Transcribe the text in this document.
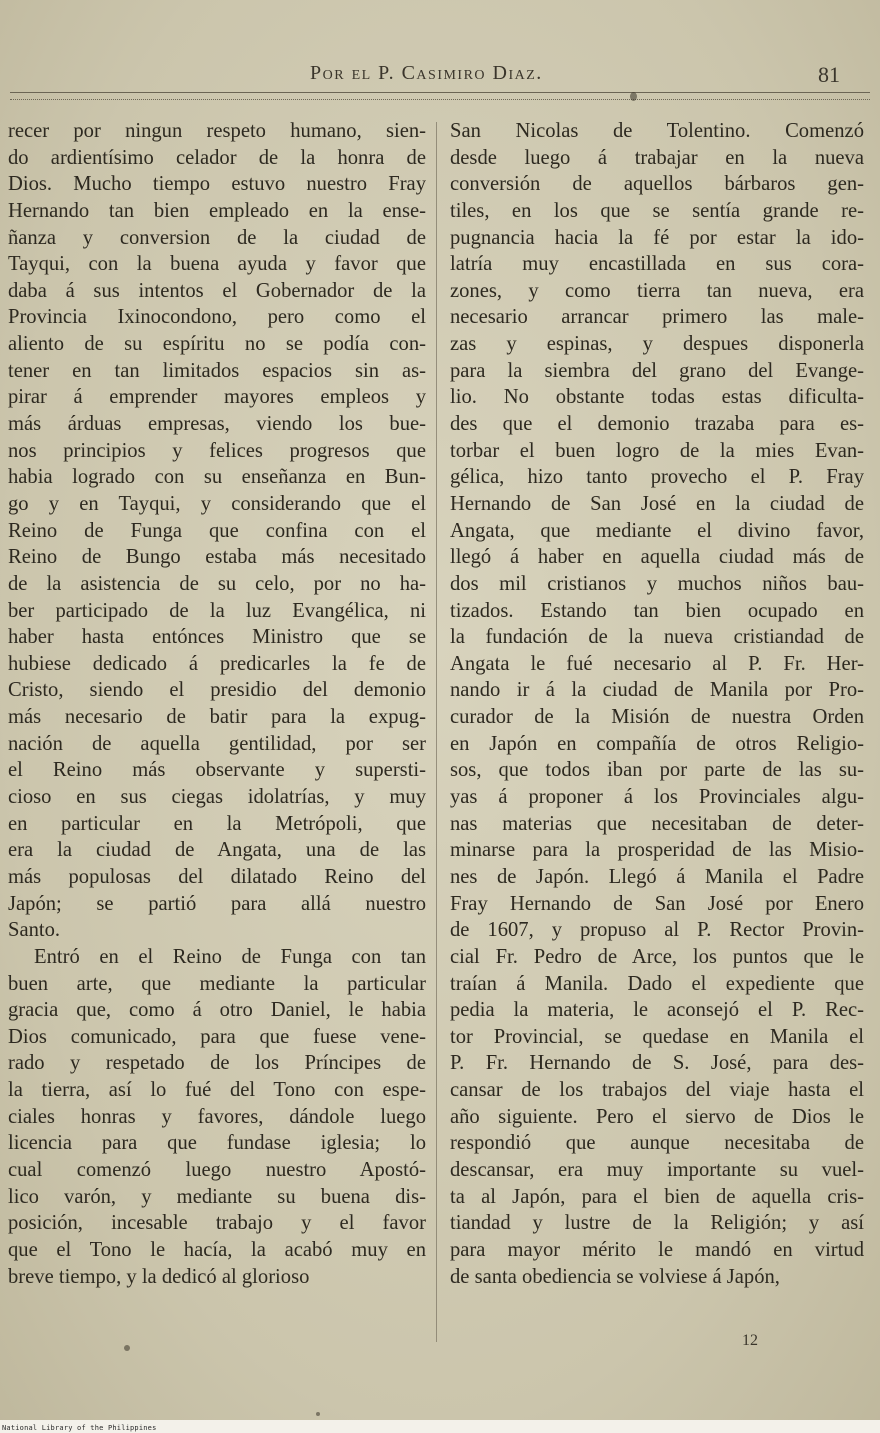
Por el P. Casimiro Diaz.	81
recer por ningun respeto humano, sien-
do ardientísimo celador de la honra de
Dios. Mucho tiempo estuvo nuestro Fray
Hernando tan bien empleado en la ense-
ñanza y conversion de la ciudad de
Tayqui, con la buena ayuda y favor que
daba á sus intentos el Gobernador de la
Provincia Ixinocondono, pero como el
aliento de su espíritu no se podía con-
tener en tan limitados espacios sin as-
pirar á emprender mayores empleos y
más árduas empresas, viendo los bue-
nos principios y felices progresos que
habia logrado con su enseñanza en Bun-
go y en Tayqui, y considerando que el
Reino de Funga que confina con el
Reino de Bungo estaba más necesitado
de la asistencia de su celo, por no ha-
ber participado de la luz Evangélica, ni
haber hasta entónces Ministro que se
hubiese dedicado á predicarles la fe de
Cristo, siendo el presidio del demonio
más necesario de batir para la expug-
nación de aquella gentilidad, por ser
el Reino más observante y supersti-
cioso en sus ciegas idolatrías, y muy
en particular en la Metrópoli, que
era la ciudad de Angata, una de las
más populosas del dilatado Reino del
Japón; se partió para allá nuestro
Santo.
Entró en el Reino de Funga con tan
buen arte, que mediante la particular
gracia que, como á otro Daniel, le habia
Dios comunicado, para que fuese vene-
rado y respetado de los Príncipes de
la tierra, así lo fué del Tono con espe-
ciales honras y favores, dándole luego
licencia para que fundase iglesia; lo
cual comenzó luego nuestro Apostó-
lico varón, y mediante su buena dis-
posición, incesable trabajo y el favor
que el Tono le hacía, la acabó muy en
breve tiempo, y la dedicó al glorioso
San Nicolas de Tolentino. Comenzó
desde luego á trabajar en la nueva
conversión de aquellos bárbaros gen-
tiles, en los que se sentía grande re-
pugnancia hacia la fé por estar la ido-
latría muy encastillada en sus cora-
zones, y como tierra tan nueva, era
necesario arrancar primero las male-
zas y espinas, y despues disponerla
para la siembra del grano del Evange-
lio. No obstante todas estas dificulta-
des que el demonio trazaba para es-
torbar el buen logro de la mies Evan-
gélica, hizo tanto provecho el P. Fray
Hernando de San José en la ciudad de
Angata, que mediante el divino favor,
llegó á haber en aquella ciudad más de
dos mil cristianos y muchos niños bau-
tizados. Estando tan bien ocupado en
la fundación de la nueva cristiandad de
Angata le fué necesario al P. Fr. Her-
nando ir á la ciudad de Manila por Pro-
curador de la Misión de nuestra Orden
en Japón en compañía de otros Religio-
sos, que todos iban por parte de las su-
yas á proponer á los Provinciales algu-
nas materias que necesitaban de deter-
minarse para la prosperidad de las Misio-
nes de Japón. Llegó á Manila el Padre
Fray Hernando de San José por Enero
de 1607, y propuso al P. Rector Provin-
cial Fr. Pedro de Arce, los puntos que le
traían á Manila. Dado el expediente que
pedia la materia, le aconsejó el P. Rec-
tor Provincial, se quedase en Manila el
P. Fr. Hernando de S. José, para des-
cansar de los trabajos del viaje hasta el
año siguiente. Pero el siervo de Dios le
respondió que aunque necesitaba de
descansar, era muy importante su vuel-
ta al Japón, para el bien de aquella cris-
tiandad y lustre de la Religión; y así
para mayor mérito le mandó en virtud
de santa obediencia se volviese á Japón,
12
National Library of the Philippines
